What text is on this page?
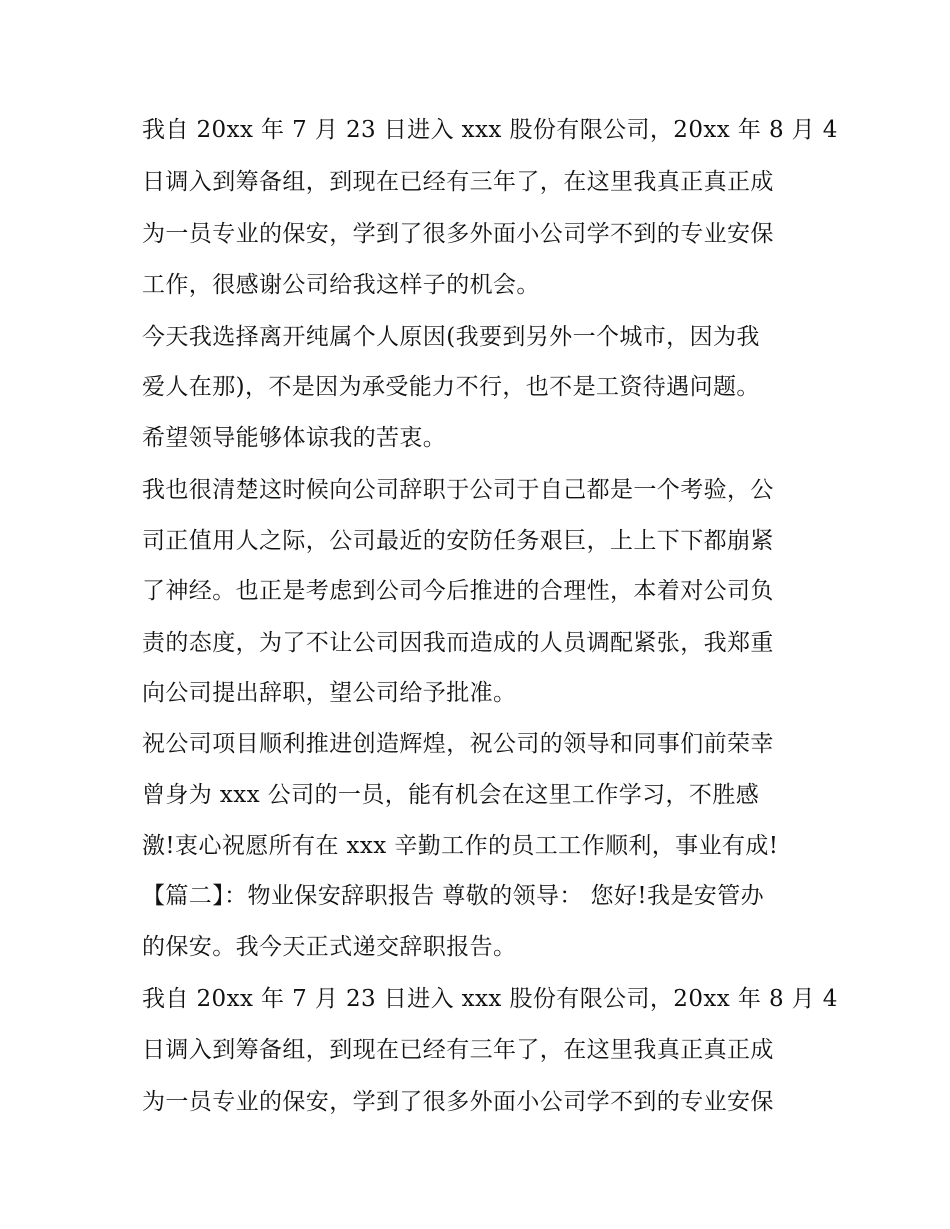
我自 20xx 年 7 月 23 日进入 xxx 股份有限公司，20xx 年 8 月 4
日调入到筹备组，到现在已经有三年了，在这里我真正真正成
为一员专业的保安，学到了很多外面小公司学不到的专业安保
工作，很感谢公司给我这样子的机会。
今天我选择离开纯属个人原因(我要到另外一个城市，因为我
爱人在那)，不是因为承受能力不行，也不是工资待遇问题。
希望领导能够体谅我的苦衷。
我也很清楚这时候向公司辞职于公司于自己都是一个考验，公
司正值用人之际，公司最近的安防任务艰巨，上上下下都崩紧
了神经。也正是考虑到公司今后推进的合理性，本着对公司负
责的态度，为了不让公司因我而造成的人员调配紧张，我郑重
向公司提出辞职，望公司给予批准。
祝公司项目顺利推进创造辉煌，祝公司的领导和同事们前荣幸
曾身为 xxx 公司的一员，能有机会在这里工作学习，不胜感
激!衷心祝愿所有在 xxx 辛勤工作的员工工作顺利，事业有成!
【篇二】：物业保安辞职报告 尊敬的领导： 您好!我是安管办
的保安。我今天正式递交辞职报告。
我自 20xx 年 7 月 23 日进入 xxx 股份有限公司，20xx 年 8 月 4
日调入到筹备组，到现在已经有三年了，在这里我真正真正成
为一员专业的保安，学到了很多外面小公司学不到的专业安保
